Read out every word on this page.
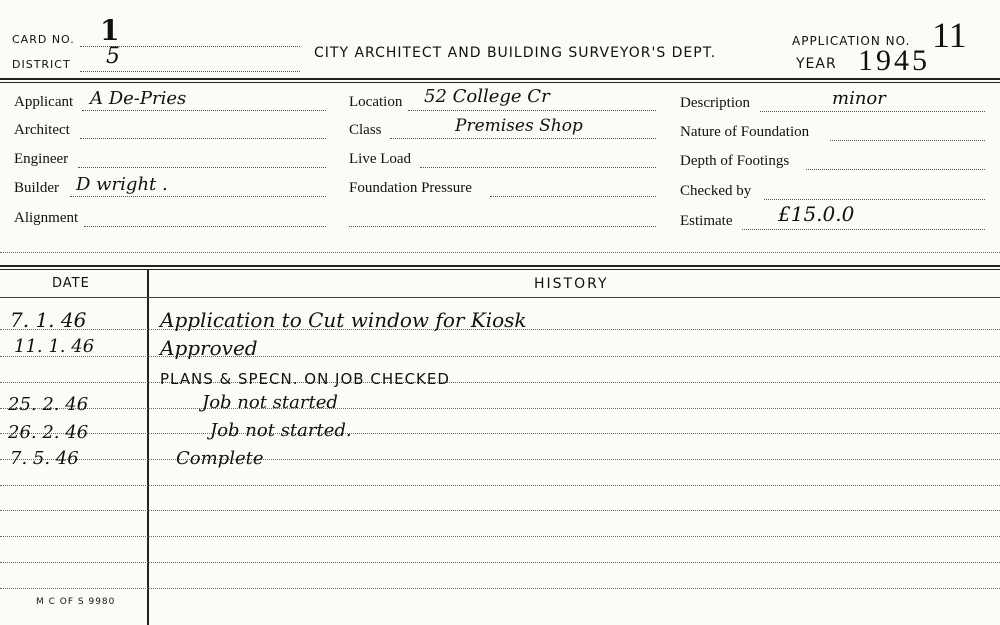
CARD NO. 1
DISTRICT 5	CITY ARCHITECT AND BUILDING SURVEYOR'S DEPT.
APPLICATION NO. 11
YEAR 1945
Applicant A De-Pries
Architect
Engineer
Builder D wright .
Alignment
Location 52 College Cr
Class	Premises Shop
Live Load
Foundation Pressure
Description	minor
Nature of Foundation
Depth of Footings
Checked by
Estimate £15.0.0
DATE	HISTORY
7. 1. 46	Application to Cut window for Kiosk
11. 1. 46	Approved
PLANS & SPECN. ON JOB CHECKED
25. 2. 46	Job not started
26. 2. 46	Job not started.
7. 5. 46	Complete
M C OF S 9980
